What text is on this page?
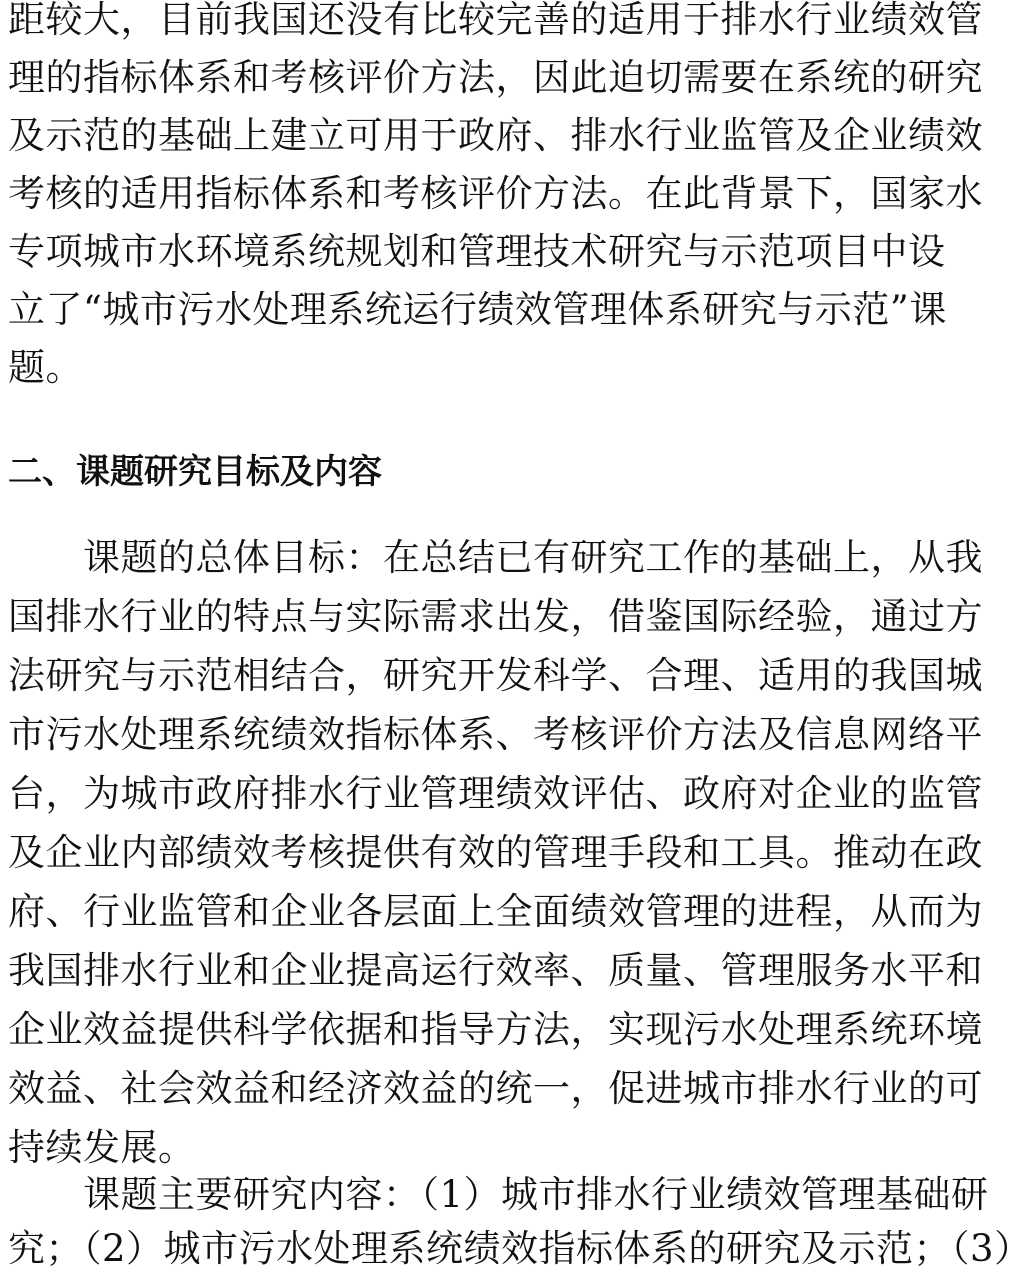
距较大，目前我国还没有比较完善的适用于排水行业绩效管
理的指标体系和考核评价方法，因此迫切需要在系统的研究
及示范的基础上建立可用于政府、排水行业监管及企业绩效
考核的适用指标体系和考核评价方法。在此背景下，国家水
专项城市水环境系统规划和管理技术研究与示范项目中设
立了“城市污水处理系统运行绩效管理体系研究与示范”课
题。
二、课题研究目标及内容
　　课题的总体目标：在总结已有研究工作的基础上，从我
国排水行业的特点与实际需求出发，借鉴国际经验，通过方
法研究与示范相结合，研究开发科学、合理、适用的我国城
市污水处理系统绩效指标体系、考核评价方法及信息网络平
台，为城市政府排水行业管理绩效评估、政府对企业的监管
及企业内部绩效考核提供有效的管理手段和工具。推动在政
府、行业监管和企业各层面上全面绩效管理的进程，从而为
我国排水行业和企业提高运行效率、质量、管理服务水平和
企业效益提供科学依据和指导方法，实现污水处理系统环境
效益、社会效益和经济效益的统一，促进城市排水行业的可
持续发展。
　　课题主要研究内容：（1）城市排水行业绩效管理基础研
究；（2）城市污水处理系统绩效指标体系的研究及示范；（3）
